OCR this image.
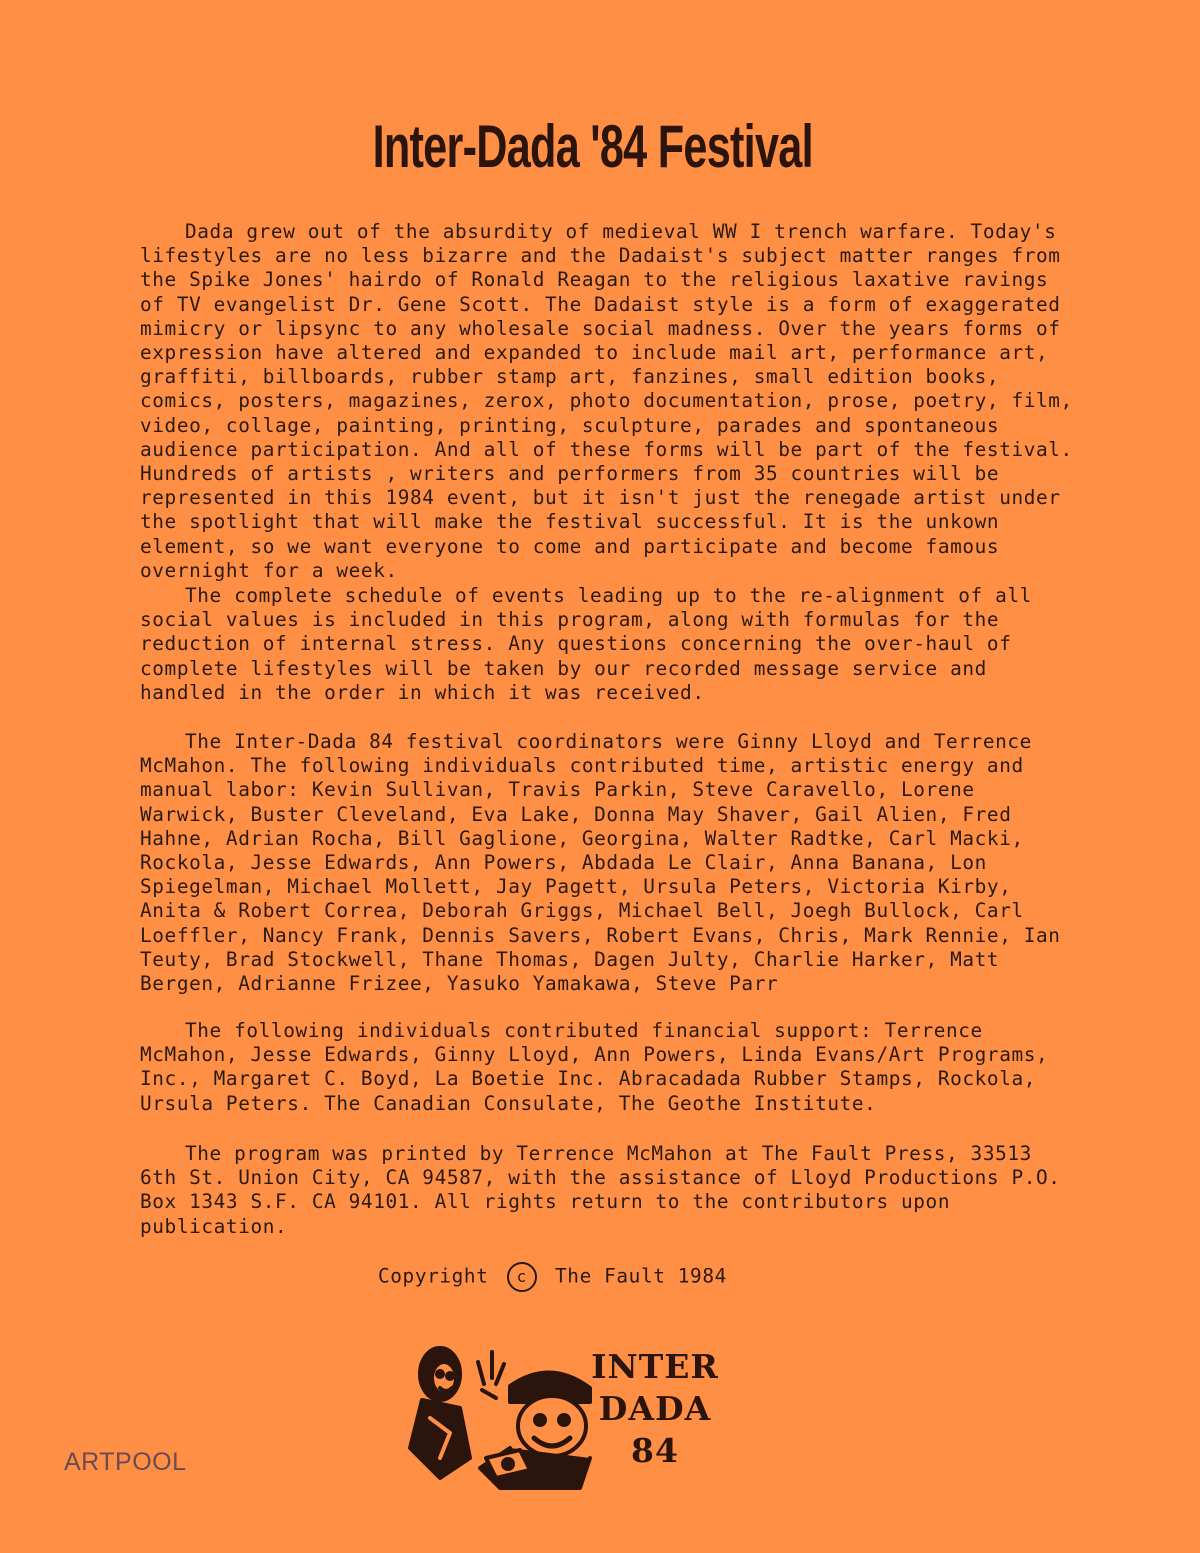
Inter-Dada '84 Festival

Dada grew out of the absurdity of medieval WW I trench warfare. Today's lifestyles are no less bizarre and the Dadaist's subject matter ranges from the Spike Jones' hairdo of Ronald Reagan to the religious laxative ravings of TV evangelist Dr. Gene Scott. The Dadaist style is a form of exaggerated mimicry or lipsync to any wholesale social madness. Over the years forms of expression have altered and expanded to include mail art, performance art, graffiti, billboards, rubber stamp art, fanzines, small edition books, comics, posters, magazines, zerox, photo documentation, prose, poetry, film, video, collage, painting, printing, sculpture, parades and spontaneous audience participation. And all of these forms will be part of the festival. Hundreds of artists , writers and performers from 35 countries will be represented in this 1984 event, but it isn't just the renegade artist under the spotlight that will make the festival successful. It is the unkown element, so we want everyone to come and participate and become famous overnight for a week.

The complete schedule of events leading up to the re-alignment of all social values is included in this program, along with formulas for the reduction of internal stress. Any questions concerning the over-haul of complete lifestyles will be taken by our recorded message service and handled in the order in which it was received.

The Inter-Dada 84 festival coordinators were Ginny Lloyd and Terrence McMahon. The following individuals contributed time, artistic energy and manual labor: Kevin Sullivan, Travis Parkin, Steve Caravello, Lorene Warwick, Buster Cleveland, Eva Lake, Donna May Shaver, Gail Alien, Fred Hahne, Adrian Rocha, Bill Gaglione, Georgina, Walter Radtke, Carl Macki, Rockola, Jesse Edwards, Ann Powers, Abdada Le Clair, Anna Banana, Lon Spiegelman, Michael Mollett, Jay Pagett, Ursula Peters, Victoria Kirby, Anita & Robert Correa, Deborah Griggs, Michael Bell, Joegh Bullock, Carl Loeffler, Nancy Frank, Dennis Savers, Robert Evans, Chris, Mark Rennie, Ian Teuty, Brad Stockwell, Thane Thomas, Dagen Julty, Charlie Harker, Matt Bergen, Adrianne Frizee, Yasuko Yamakawa, Steve Parr

The following individuals contributed financial support: Terrence McMahon, Jesse Edwards, Ginny Lloyd, Ann Powers, Linda Evans/Art Programs, Inc., Margaret C. Boyd, La Boetie Inc. Abracadada Rubber Stamps, Rockola, Ursula Peters. The Canadian Consulate, The Geothe Institute.

The program was printed by Terrence McMahon at The Fault Press, 33513 6th St. Union City, CA 94587, with the assistance of Lloyd Productions P.O. Box 1343 S.F. CA 94101. All rights return to the contributors upon publication.

Copyright c The Fault 1984
INTER
DADA
84
ARTPOOL
